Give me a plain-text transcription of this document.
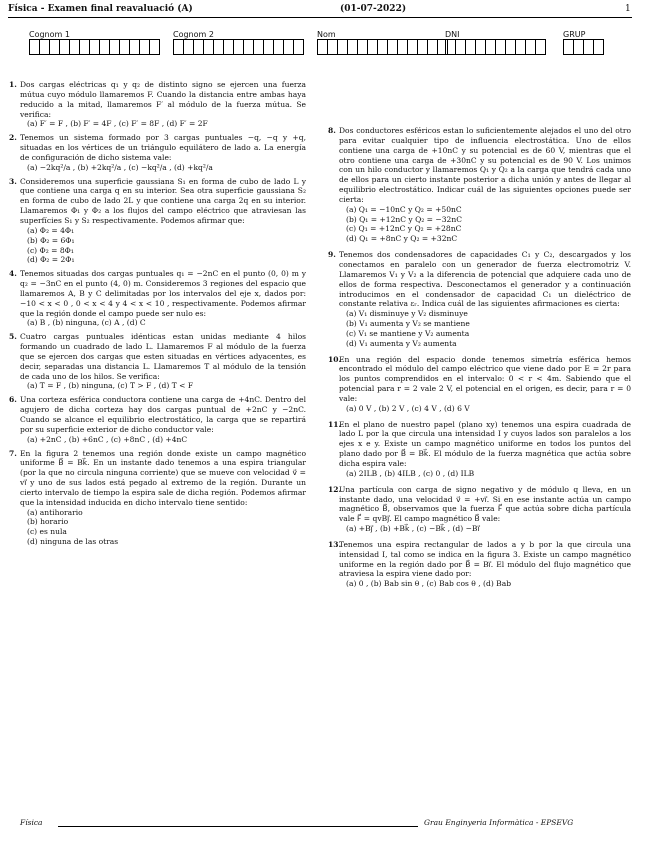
Física - Examen final reavaluació (A)	(01-07-2022)	1
Cognom 1	Cognom 2	Nom	DNI	GRUP
1. Dos cargas eléctricas q₁ y q₂ de distinto signo se ejercen una fuerza mútua cuyo módulo llamaremos F. Cuando la distancia entre ambas haya reducido a la mitad, llamaremos F′ al módulo de la fuerza mútua. Se verifica:
(a) F′ = F , (b) F′ = 4F , (c) F′ = 8F , (d) F′ = 2F
2. Tenemos un sistema formado por 3 cargas puntuales −q, −q y +q, situadas en los vértices de un triángulo equilátero de lado a. La energía de configuración de dicho sistema vale:
(a) −2kq²/a , (b) +2kq²/a , (c) −kq²/a , (d) +kq²/a
3. Consideremos una superficie gaussiana S₁ en forma de cubo de lado L y que contiene una carga q en su interior. Sea otra superficie gaussiana S₂ en forma de cubo de lado 2L y que contiene una carga 2q en su interior. Llamaremos Φ₁ y Φ₂ a los flujos del campo eléctrico que atraviesan las superfícies S₁ y S₂ respectivamente. Podemos afirmar que:
(a) Φ₂ = 4Φ₁
(b) Φ₂ = 6Φ₁
(c) Φ₂ = 8Φ₁
(d) Φ₂ = 2Φ₁
4. Tenemos situadas dos cargas puntuales q₁ = −2nC en el punto (0, 0) m y q₂ = −3nC en el punto (4, 0) m. Consideremos 3 regiones del espacio que llamaremos A, B y C delimitadas por los intervalos del eje x, dados por: −10 < x < 0 , 0 < x < 4 y 4 < x < 10 , respectivamente. Podemos afirmar que la región donde el campo puede ser nulo es:
(a) B , (b) ninguna, (c) A , (d) C
5. Cuatro cargas puntuales idénticas estan unidas mediante 4 hilos formando un cuadrado de lado L. Llamaremos F al módulo de la fuerza que se ejercen dos cargas que esten situadas en vértices adyacentes, es decir, separadas una distancia L. Llamaremos T al módulo de la tensión de cada uno de los hilos. Se verifica:
(a) T = F , (b) ninguna, (c) T > F , (d) T < F
6. Una corteza esférica conductora contiene una carga de +4nC. Dentro del agujero de dicha corteza hay dos cargas puntual de +2nC y −2nC. Cuando se alcance el equilibrio electrostático, la carga que se repartirá por su superficie exterior de dicho conductor vale:
(a) +2nC , (b) +6nC , (c) +8nC , (d) +4nC
7. En la figura 2 tenemos una región donde existe un campo magnético uniforme B⃗ = Bk⃗. En un instante dado tenemos a una espira triangular (por la que no circula ninguna corriente) que se mueve con velocidad v⃗ = vi⃗ y uno de sus lados está pegado al extremo de la región. Durante un cierto intervalo de tiempo la espira sale de dicha región. Podemos afirmar que la intensidad inducida en dicho intervalo tiene sentido:
(a) antihorario
(b) horario
(c) es nula
(d) ninguna de las otras
8. Dos conductores esféricos estan lo suficientemente alejados el uno del otro para evitar cualquier tipo de influencia electrostática. Uno de ellos contiene una carga de +10nC y su potencial es de 60 V, mientras que el otro contiene una carga de +30nC y su potencial es de 90 V. Los unimos con un hilo conductor y llamaremos Q₁ y Q₂ a la carga que tendrá cada uno de ellos para un cierto instante posterior a dicha unión y antes de llegar al equilibrio electrostático. Indicar cuál de las siguientes opciones puede ser cierta:
(a) Q₁ = −10nC y Q₂ = +50nC
(b) Q₁ = +12nC y Q₂ = −32nC
(c) Q₁ = +12nC y Q₂ = +28nC
(d) Q₁ = +8nC y Q₂ = +32nC
9. Tenemos dos condensadores de capacidades C₁ y C₂, descargados y los conectamos en paralelo con un generador de fuerza electromotriz V. Llamaremos V₁ y V₂ a la diferencia de potencial que adquiere cada uno de ellos de forma respectiva. Desconectamos el generador y a continuación introducimos en el condensador de capacidad C₁ un dieléctrico de constante relativa εᵣ. Indica cuál de las siguientes afirmaciones es cierta:
(a) V₁ disminuye y V₂ disminuye
(b) V₁ aumenta y V₂ se mantiene
(c) V₁ se mantiene y V₂ aumenta
(d) V₁ aumenta y V₂ aumenta
10.
En una región del espacio donde tenemos simetría esférica hemos encontrado el módulo del campo eléctrico que viene dado por E = 2r para los puntos comprendidos en el intervalo: 0 < r < 4m. Sabiendo que el potencial para r = 2 vale 2 V, el potencial en el origen, es decir, para r = 0 vale:
(a) 0 V , (b) 2 V , (c) 4 V , (d) 6 V
11.
En el plano de nuestro papel (plano xy) tenemos una espira cuadrada de lado L por la que circula una intensidad I y cuyos lados son paralelos a los ejes x e y. Existe un campo magnético uniforme en todos los puntos del plano dado por B⃗ = Bk⃗. El módulo de la fuerza magnética que actúa sobre dicha espira vale:
(a) 2ILB , (b) 4ILB , (c) 0 , (d) ILB
12.
Una partícula con carga de signo negativo y de módulo q lleva, en un instante dado, una velocidad v⃗ = +vi⃗. Si en ese instante actúa un campo magnético B⃗, observamos que la fuerza F⃗ que actúa sobre dicha partícula vale F⃗ = qvBj⃗. El campo magnético B⃗ vale:
(a) +Bj⃗ , (b) +Bk⃗ , (c) −Bk⃗ , (d) −Bi⃗
13.
Tenemos una espira rectangular de lados a y b por la que circula una intensidad I, tal como se indica en la figura 3. Existe un campo magnético uniforme en la región dado por B⃗ = Bi⃗. El módulo del flujo magnético que atraviesa la espira viene dado por:
(a) 0 , (b) Bab sin θ , (c) Bab cos θ , (d) Bab
Física	Grau Enginyeria Informàtica - EPSEVG
